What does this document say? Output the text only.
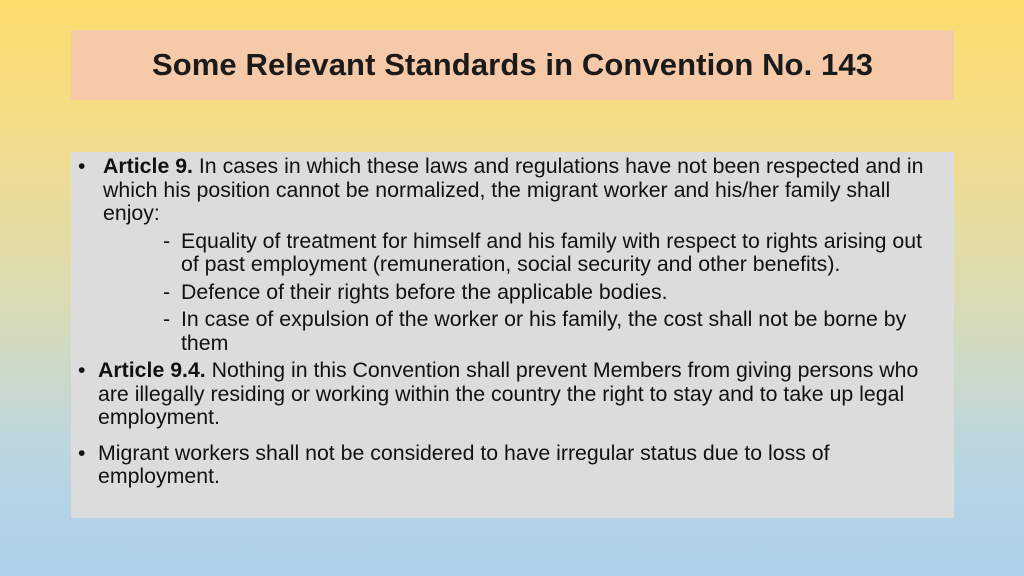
Some Relevant Standards in Convention No. 143
• Article 9. In cases in which these laws and regulations have not been respected and in which his position cannot be normalized, the migrant worker and his/her family shall enjoy:
- Equality of treatment for himself and his family with respect to rights arising out of past employment (remuneration, social security and other benefits).
- Defence of their rights before the applicable bodies.
- In case of expulsion of the worker or his family, the cost shall not be borne by them
• Article 9.4. Nothing in this Convention shall prevent Members from giving persons who are illegally residing or working within the country the right to stay and to take up legal employment.
• Migrant workers shall not be considered to have irregular status due to loss of employment.
